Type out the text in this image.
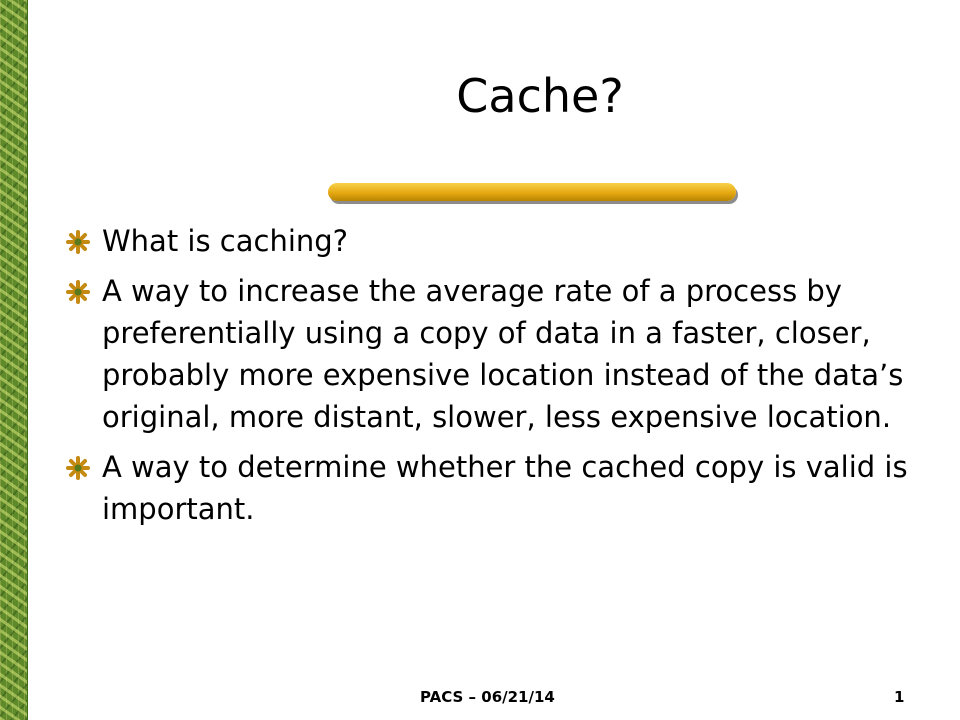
Cache?
What is caching?
A way to increase the average rate of a process by preferentially using a copy of data in a faster, closer, probably more expensive location instead of the data’s original, more distant, slower, less expensive location.
A way to determine whether the cached copy is valid is important.
PACS – 06/21/14	1
